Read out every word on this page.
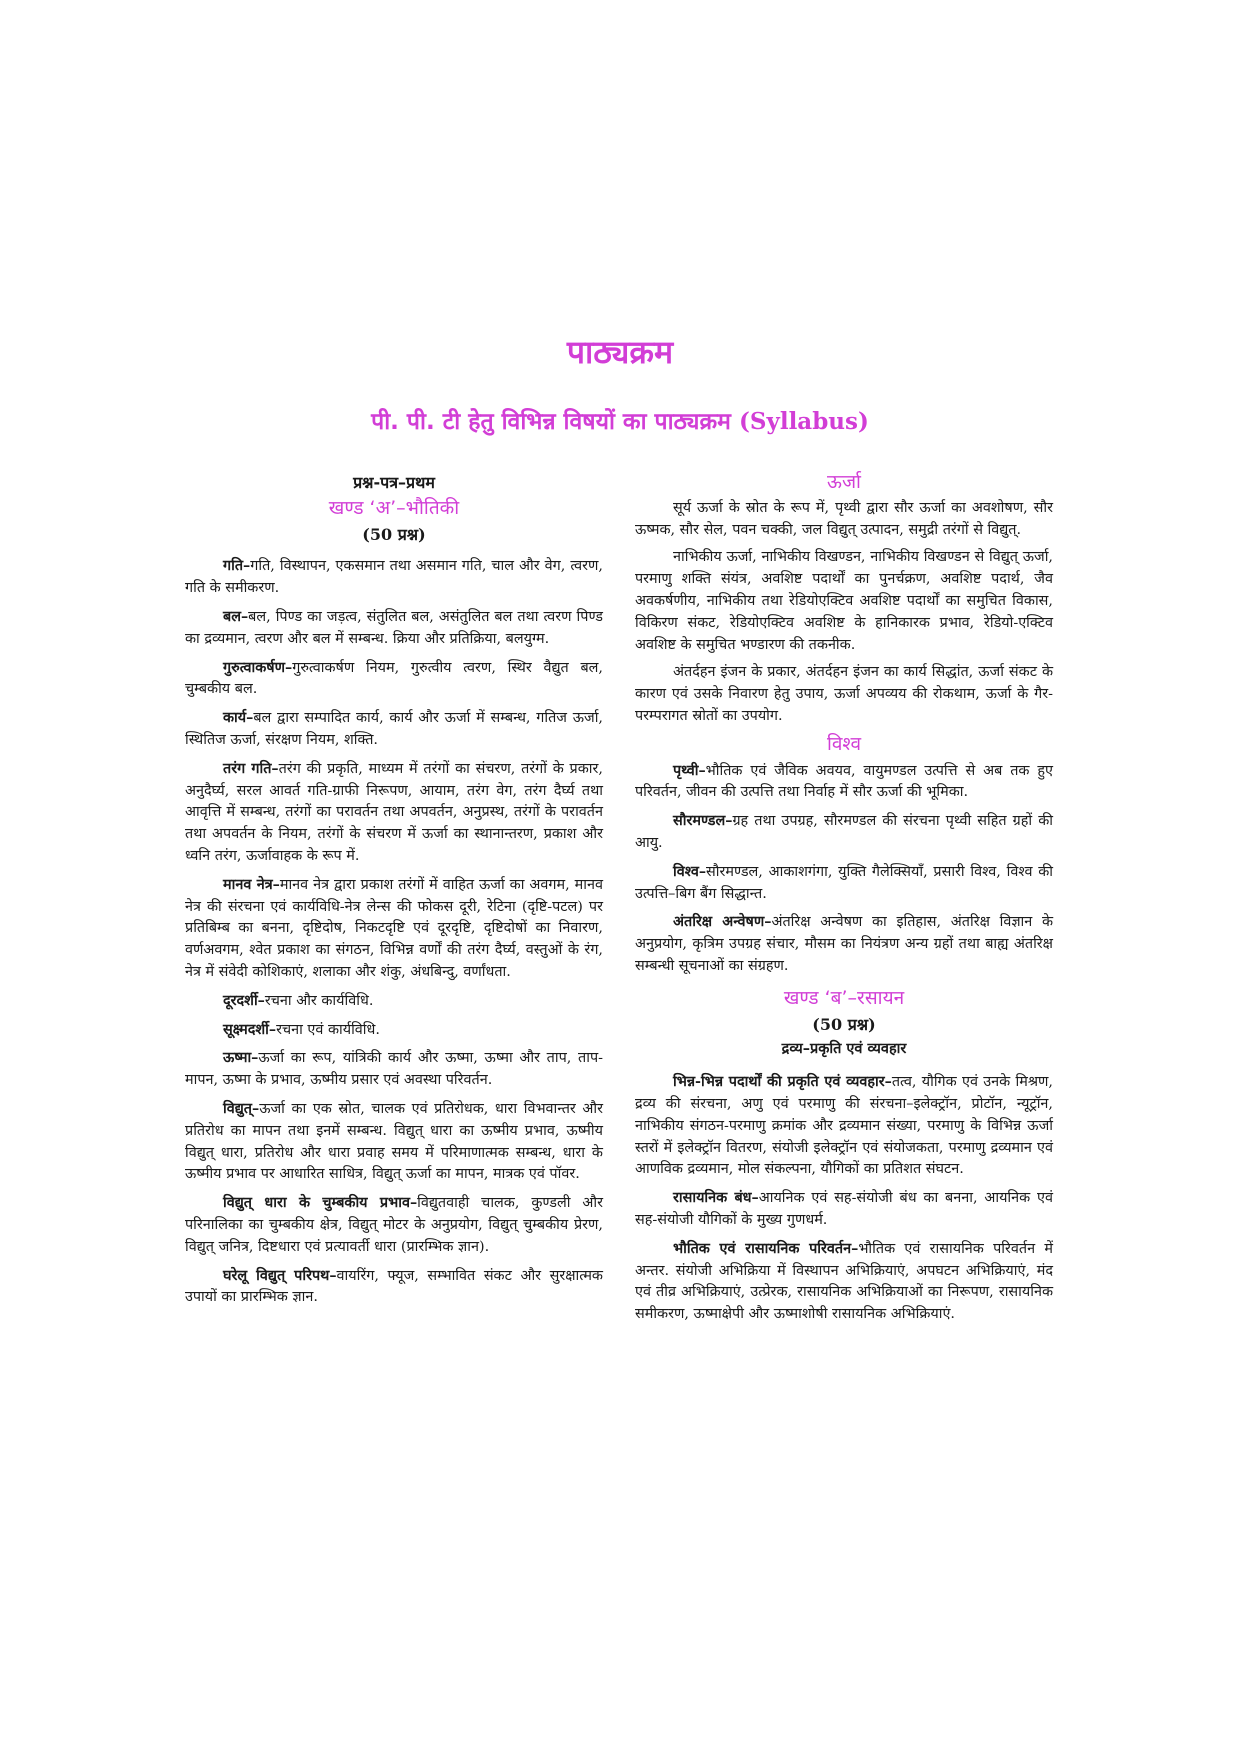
पाठ्यक्रम
पी. पी. टी हेतु विभिन्न विषयों का पाठ्यक्रम (Syllabus)
प्रश्न-पत्र–प्रथम
खण्ड ‘अ’–भौतिकी
(50 प्रश्न)

गति–गति, विस्थापन, एकसमान तथा असमान गति, चाल और वेग, त्वरण, गति के समीकरण.

बल–बल, पिण्ड का जड़त्व, संतुलित बल, असंतुलित बल तथा त्वरण पिण्ड का द्रव्यमान, त्वरण और बल में सम्बन्ध. क्रिया और प्रतिक्रिया, बलयुग्म.

गुरुत्वाकर्षण–गुरुत्वाकर्षण नियम, गुरुत्वीय त्वरण, स्थिर वैद्युत बल, चुम्बकीय बल.

कार्य–बल द्वारा सम्पादित कार्य, कार्य और ऊर्जा में सम्बन्ध, गतिज ऊर्जा, स्थितिज ऊर्जा, संरक्षण नियम, शक्ति.

तरंग गति–तरंग की प्रकृति, माध्यम में तरंगों का संचरण, तरंगों के प्रकार, अनुदैर्घ्य, सरल आवर्त गति-ग्राफी निरूपण, आयाम, तरंग वेग, तरंग दैर्घ्य तथा आवृत्ति में सम्बन्ध, तरंगों का परावर्तन तथा अपवर्तन, अनुप्रस्थ, तरंगों के परावर्तन तथा अपवर्तन के नियम, तरंगों के संचरण में ऊर्जा का स्थानान्तरण, प्रकाश और ध्वनि तरंग, ऊर्जावाहक के रूप में.

मानव नेत्र–मानव नेत्र द्वारा प्रकाश तरंगों में वाहित ऊर्जा का अवगम, मानव नेत्र की संरचना एवं कार्यविधि-नेत्र लेन्स की फोकस दूरी, रेटिना (दृष्टि-पटल) पर प्रतिबिम्ब का बनना, दृष्टिदोष, निकटदृष्टि एवं दूरदृष्टि, दृष्टिदोषों का निवारण, वर्णअवगम, श्वेत प्रकाश का संगठन, विभिन्न वर्णों की तरंग दैर्घ्य, वस्तुओं के रंग, नेत्र में संवेदी कोशिकाएं, शलाका और शंकु, अंधबिन्दु, वर्णांधता.

दूरदर्शी–रचना और कार्यविधि.

सूक्ष्मदर्शी–रचना एवं कार्यविधि.

ऊष्मा–ऊर्जा का रूप, यांत्रिकी कार्य और ऊष्मा, ऊष्मा और ताप, ताप-मापन, ऊष्मा के प्रभाव, ऊष्मीय प्रसार एवं अवस्था परिवर्तन.

विद्युत्–ऊर्जा का एक स्रोत, चालक एवं प्रतिरोधक, धारा विभवान्तर और प्रतिरोध का मापन तथा इनमें सम्बन्ध. विद्युत् धारा का ऊष्मीय प्रभाव, ऊष्मीय विद्युत् धारा, प्रतिरोध और धारा प्रवाह समय में परिमाणात्मक सम्बन्ध, धारा के ऊष्मीय प्रभाव पर आधारित साधित्र, विद्युत् ऊर्जा का मापन, मात्रक एवं पॉवर.

विद्युत् धारा के चुम्बकीय प्रभाव–विद्युतवाही चालक, कुण्डली और परिनालिका का चुम्बकीय क्षेत्र, विद्युत् मोटर के अनुप्रयोग, विद्युत् चुम्बकीय प्रेरण, विद्युत् जनित्र, दिष्टधारा एवं प्रत्यावर्ती धारा (प्रारम्भिक ज्ञान).

घरेलू विद्युत् परिपथ–वायरिंग, फ्यूज, सम्भावित संकट और सुरक्षात्मक उपायों का प्रारम्भिक ज्ञान.

ऊर्जा

सूर्य ऊर्जा के स्रोत के रूप में, पृथ्वी द्वारा सौर ऊर्जा का अवशोषण, सौर ऊष्मक, सौर सेल, पवन चक्की, जल विद्युत् उत्पादन, समुद्री तरंगों से विद्युत्.

नाभिकीय ऊर्जा, नाभिकीय विखण्डन, नाभिकीय विखण्डन से विद्युत् ऊर्जा, परमाणु शक्ति संयंत्र, अवशिष्ट पदार्थों का पुनर्चक्रण, अवशिष्ट पदार्थ, जैव अवकर्षणीय, नाभिकीय तथा रेडियोएक्टिव अवशिष्ट पदार्थों का समुचित विकास, विकिरण संकट, रेडियोएक्टिव अवशिष्ट के हानिकारक प्रभाव, रेडियो-एक्टिव अवशिष्ट के समुचित भण्डारण की तकनीक.

अंतर्दहन इंजन के प्रकार, अंतर्दहन इंजन का कार्य सिद्धांत, ऊर्जा संकट के कारण एवं उसके निवारण हेतु उपाय, ऊर्जा अपव्यय की रोकथाम, ऊर्जा के गैर-परम्परागत स्रोतों का उपयोग.

विश्व

पृथ्वी–भौतिक एवं जैविक अवयव, वायुमण्डल उत्पत्ति से अब तक हुए परिवर्तन, जीवन की उत्पत्ति तथा निर्वाह में सौर ऊर्जा की भूमिका.

सौरमण्डल–ग्रह तथा उपग्रह, सौरमण्डल की संरचना पृथ्वी सहित ग्रहों की आयु.

विश्व–सौरमण्डल, आकाशगंगा, युक्ति गैलेक्सियाँ, प्रसारी विश्व, विश्व की उत्पत्ति–बिग बैंग सिद्धान्त.

अंतरिक्ष अन्वेषण–अंतरिक्ष अन्वेषण का इतिहास, अंतरिक्ष विज्ञान के अनुप्रयोग, कृत्रिम उपग्रह संचार, मौसम का नियंत्रण अन्य ग्रहों तथा बाह्य अंतरिक्ष सम्बन्धी सूचनाओं का संग्रहण.

खण्ड ‘ब’–रसायन
(50 प्रश्न)
द्रव्य–प्रकृति एवं व्यवहार

भिन्न-भिन्न पदार्थों की प्रकृति एवं व्यवहार–तत्व, यौगिक एवं उनके मिश्रण, द्रव्य की संरचना, अणु एवं परमाणु की संरचना–इलेक्ट्रॉन, प्रोटॉन, न्यूट्रॉन, नाभिकीय संगठन-परमाणु क्रमांक और द्रव्यमान संख्या, परमाणु के विभिन्न ऊर्जा स्तरों में इलेक्ट्रॉन वितरण, संयोजी इलेक्ट्रॉन एवं संयोजकता, परमाणु द्रव्यमान एवं आणविक द्रव्यमान, मोल संकल्पना, यौगिकों का प्रतिशत संघटन.

रासायनिक बंध–आयनिक एवं सह-संयोजी बंध का बनना, आयनिक एवं सह-संयोजी यौगिकों के मुख्य गुणधर्म.

भौतिक एवं रासायनिक परिवर्तन–भौतिक एवं रासायनिक परिवर्तन में अन्तर. संयोजी अभिक्रिया में विस्थापन अभिक्रियाएं, अपघटन अभिक्रियाएं, मंद एवं तीव्र अभिक्रियाएं, उत्प्रेरक, रासायनिक अभिक्रियाओं का निरूपण, रासायनिक समीकरण, ऊष्माक्षेपी और ऊष्माशोषी रासायनिक अभिक्रियाएं.
